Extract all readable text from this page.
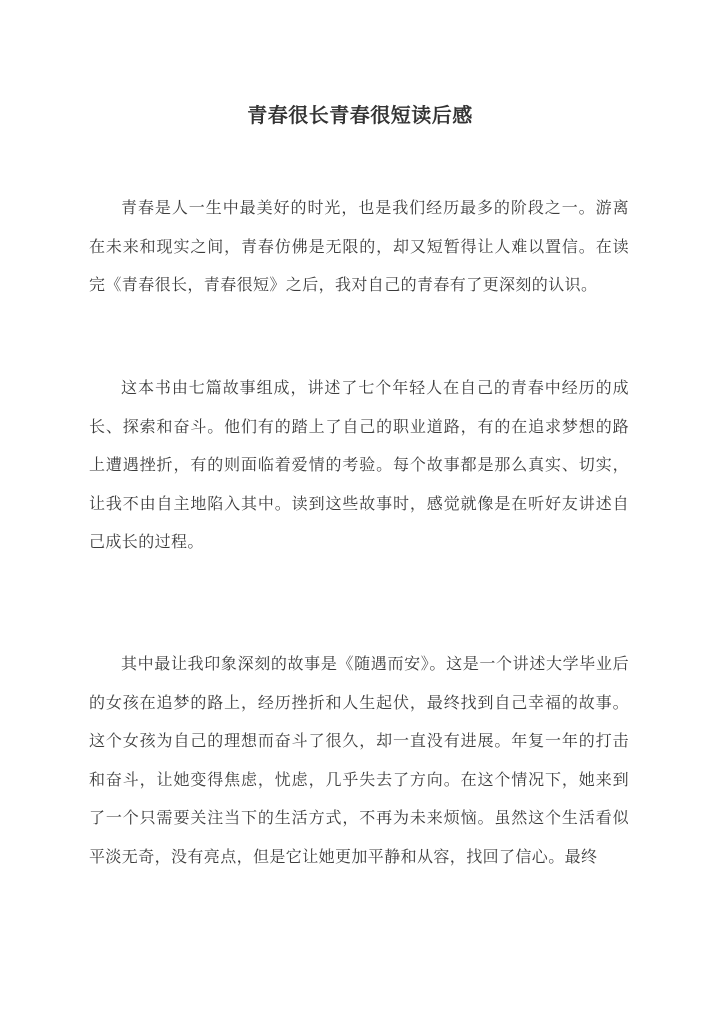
青春很长青春很短读后感

青春是人一生中最美好的时光，也是我们经历最多的阶段之一。游离在未来和现实之间，青春仿佛是无限的，却又短暂得让人难以置信。在读完《青春很长，青春很短》之后，我对自己的青春有了更深刻的认识。

这本书由七篇故事组成，讲述了七个年轻人在自己的青春中经历的成长、探索和奋斗。他们有的踏上了自己的职业道路，有的在追求梦想的路上遭遇挫折，有的则面临着爱情的考验。每个故事都是那么真实、切实，让我不由自主地陷入其中。读到这些故事时，感觉就像是在听好友讲述自己成长的过程。

其中最让我印象深刻的故事是《随遇而安》。这是一个讲述大学毕业后的女孩在追梦的路上，经历挫折和人生起伏，最终找到自己幸福的故事。这个女孩为自己的理想而奋斗了很久，却一直没有进展。年复一年的打击和奋斗，让她变得焦虑，忧虑，几乎失去了方向。在这个情况下，她来到了一个只需要关注当下的生活方式，不再为未来烦恼。虽然这个生活看似平淡无奇，没有亮点，但是它让她更加平静和从容，找回了信心。最终
